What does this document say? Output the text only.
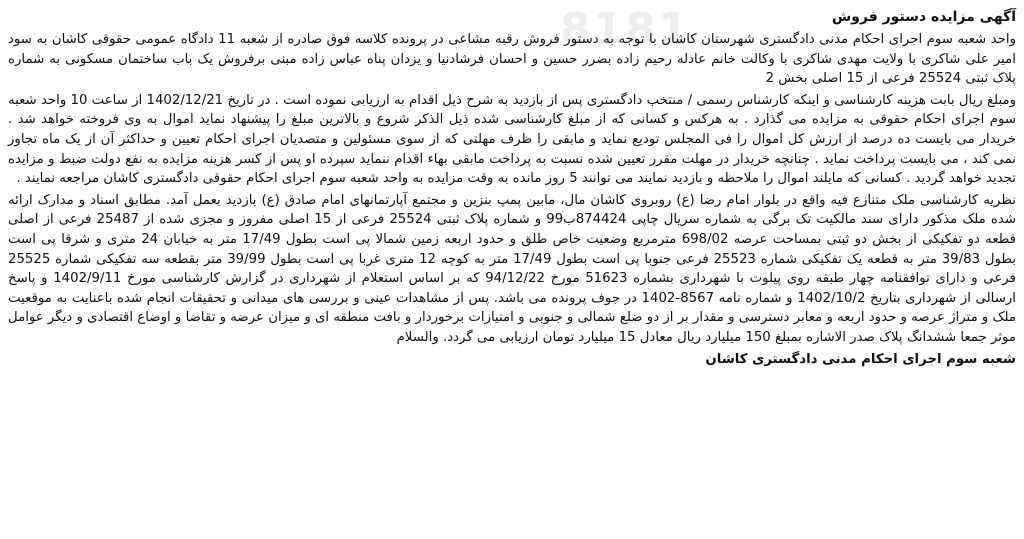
8181	آگهی مزایده دستور فروش

واحد شعبه سوم اجرای احکام مدنی دادگستری شهرستان کاشان با توجه به دستور فروش رقبه مشاعی در پرونده کلاسه فوق صادره از شعبه 11 دادگاه عمومی حقوقی کاشان به سود امیر علی شاکری با ولایت مهدی شاکری با وکالت خانم عادله رحیم زاده بضرر حسین و احسان فرشادنیا و یزدان پناه عباس زاده مبنی برفروش یک باب ساختمان مسکونی به شماره پلاک ثبتی 25524 فرعی از 15 اصلی بخش 2

ومبلغ ریال بابت هزینه کارشناسی و اینکه کارشناس رسمی / منتخب دادگستری پس از بازدید به شرح ذیل اقدام به ارزیابی نموده است . در تاریخ 1402/12/21 از ساعت 10 واحد شعبه سوم اجرای احکام حقوقی به مزایده می گذارد . به هرکس و کسانی که از مبلغ کارشناسی شده ذیل الذکر شروع و بالاترین مبلغ را پیشنهاد نماید اموال به وی فروخته خواهد شد . خریدار می بایست ده درصد از ارزش کل اموال را فی المجلس تودیع نماید و مابقی را ظرف مهلتی که از سوی مسئولین و متصدیان اجرای احکام تعیین و حداکثر آن از یک ماه تجاوز نمی کند ، می بایست پرداخت نماید . چنانچه خریدار در مهلت مقرر تعیین شده نسبت به پرداخت مابقی بهاء اقدام ننماید سپرده او پس از کسر هزینه مزایده به نفع دولت ضبط و مزایده تجدید خواهد گردید . کسانی که مایلند اموال را ملاحظه و بازدید نمایند می توانند 5 روز مانده به وقت مزایده به واحد شعبه سوم اجرای احکام حقوقی دادگستری کاشان مراجعه نمایند .

نظریه کارشناسی ملک متنازع فیه واقع در بلوار امام رضا (ع) روبروی کاشان مال، مابین پمپ بنزین و مجتمع آپارتمانهای امام صادق (ع) بازدید بعمل آمد. مطابق اسناد و مدارک ارائه شده ملک مذکور دارای سند مالکیت تک برگی به شماره سریال چاپی 874424ب99 و شماره پلاک ثبتی 25524 فرعی از 15 اصلی مفروز و مجزی شده از 25487 فرعی از اصلی قطعه دو تفکیکی از بخش دو ثبتی بمساحت عرصه 698/02 مترمربع وضعیت خاص طلق و حدود اربعه زمین شمالا پی است بطول 17/49 متر به خیابان 24 متری و شرقا پی است بطول 39/83 متر به قطعه یک تفکیکی شماره 25523 فرعی جنوبا پی است بطول 17/49 متر به کوچه 12 متری غربا پی است بطول 39/99 متر بقطعه سه تفکیکی شماره 25525 فرعی و دارای توافقنامه چهار طبقه روی پیلوت با شهرداری بشماره 51623 مورخ 94/12/22 که بر اساس استعلام از شهرداری در گزارش کارشناسی مورخ 1402/9/11 و پاسخ ارسالی از شهرداری بتاریخ 1402/10/2 و شماره نامه 8567-1402 در جوف پرونده می باشد. پس از مشاهدات عینی و بررسی های میدانی و تحقیقات انجام شده باعنایت به موقعیت ملک و متراژ عرصه و حدود اربعه و معابر دسترسی و مقدار بر از دو ضلع شمالی و جنوبی و امتیازات برخوردار و بافت منطقه ای و میزان عرضه و تقاضا و اوضاع اقتصادی و دیگر عوامل موثر جمعا ششدانگ پلاک صدر الاشاره بمبلغ 150 میلیارد ریال معادل 15 میلیارد تومان ارزیابی می گردد. والسلام

شعبه سوم اجرای احکام مدنی دادگستری کاشان
